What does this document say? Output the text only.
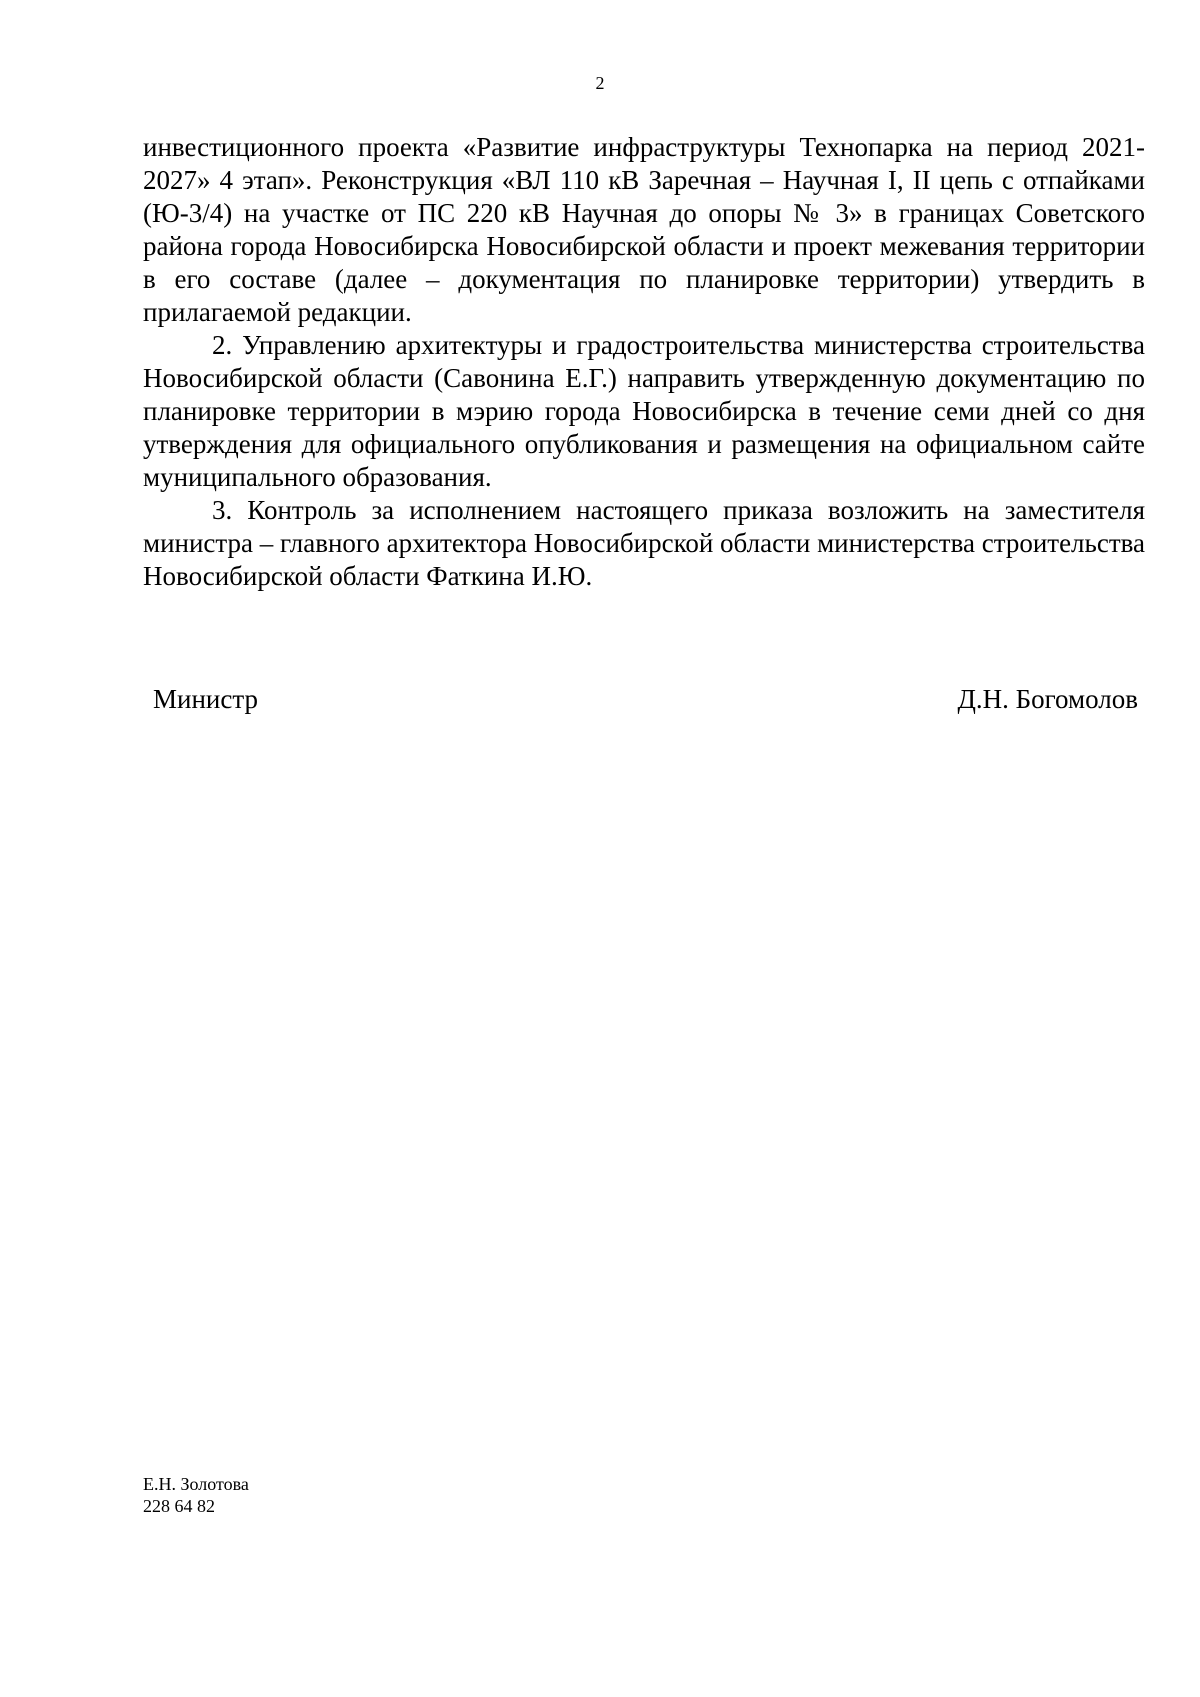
2

инвестиционного проекта «Развитие инфраструктуры Технопарка на период 2021-2027» 4 этап». Реконструкция «ВЛ 110 кВ Заречная – Научная I, II цепь с отпайками (Ю-3/4) на участке от ПС 220 кВ Научная до опоры № 3» в границах Советского района города Новосибирска Новосибирской области и проект межевания территории в его составе (далее – документация по планировке территории) утвердить в прилагаемой редакции.

2. Управлению архитектуры и градостроительства министерства строительства Новосибирской области (Савонина Е.Г.) направить утвержденную документацию по планировке территории в мэрию города Новосибирска в течение семи дней со дня утверждения для официального опубликования и размещения на официальном сайте муниципального образования.

3. Контроль за исполнением настоящего приказа возложить на заместителя министра – главного архитектора Новосибирской области министерства строительства Новосибирской области Фаткина И.Ю.

Министр	Д.Н. Богомолов
Е.Н. Золотова
228 64 82
